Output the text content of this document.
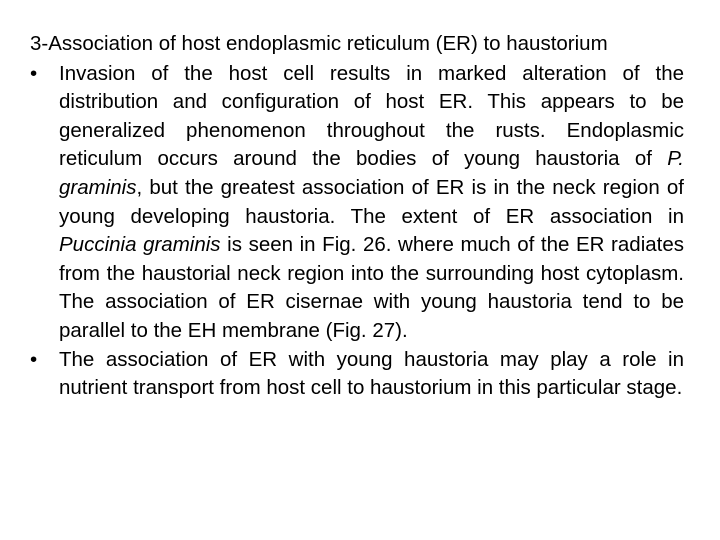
3-Association of host endoplasmic reticulum (ER) to haustorium

•	Invasion of the host cell results in marked alteration of the distribution and configuration of host ER. This appears to be generalized phenomenon throughout the rusts. Endoplasmic reticulum occurs around the bodies of young haustoria of P. graminis, but the greatest association of ER is in the neck region of young developing haustoria. The extent of ER association in Puccinia graminis is seen in Fig. 26. where much of the ER radiates from the haustorial neck region into the surrounding host cytoplasm. The association of ER cisernae with young haustoria tend to be parallel to the EH membrane (Fig. 27).

•	The association of ER with young haustoria may play a role in nutrient transport from host cell to haustorium in this particular stage.
